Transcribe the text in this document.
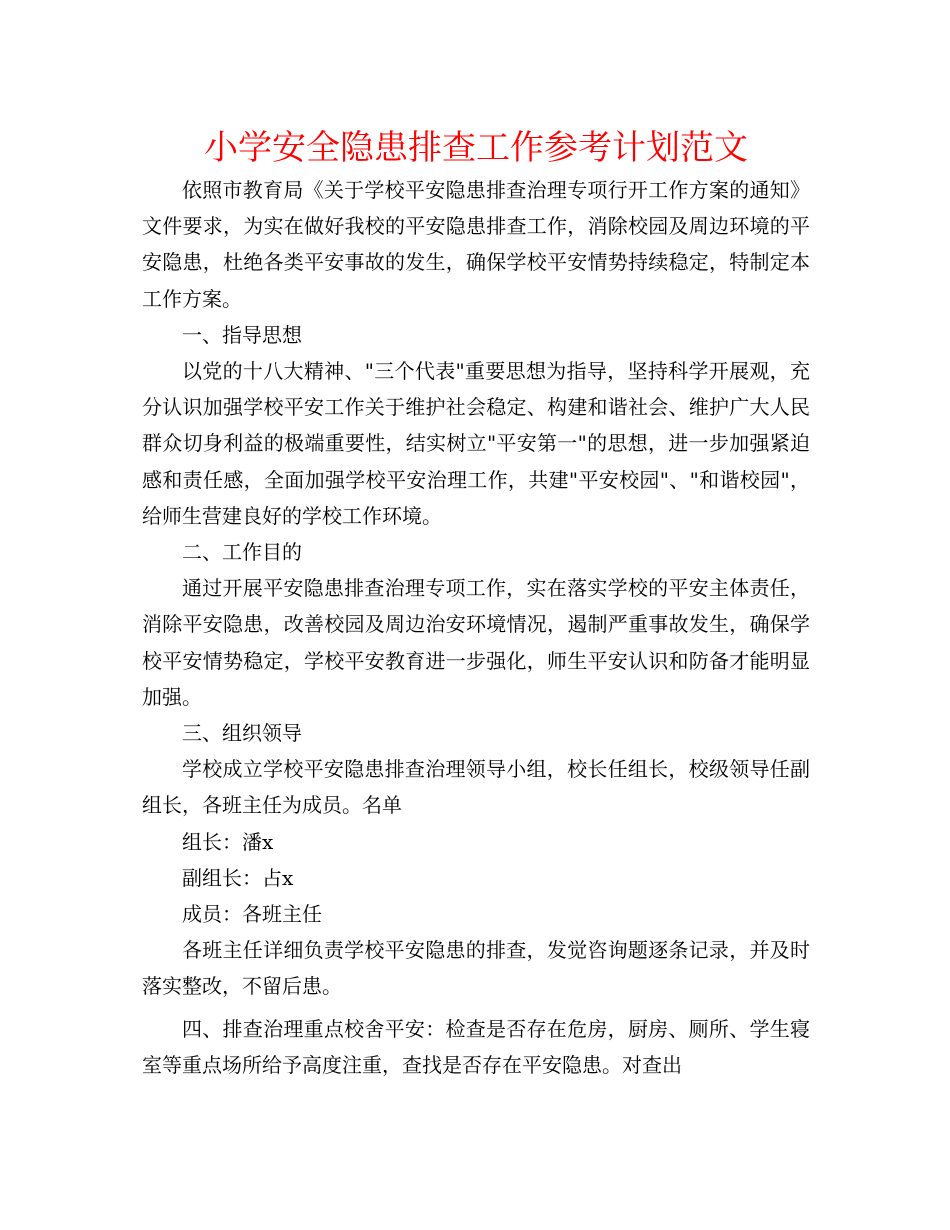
小学安全隐患排查工作参考计划范文

依照市教育局《关于学校平安隐患排查治理专项行开工作方案的通知》文件要求，为实在做好我校的平安隐患排查工作，消除校园及周边环境的平安隐患，杜绝各类平安事故的发生，确保学校平安情势持续稳定，特制定本工作方案。

一、指导思想

以党的十八大精神、"三个代表"重要思想为指导，坚持科学开展观，充分认识加强学校平安工作关于维护社会稳定、构建和谐社会、维护广大人民群众切身利益的极端重要性，结实树立"平安第一"的思想，进一步加强紧迫感和责任感，全面加强学校平安治理工作，共建"平安校园"、"和谐校园"，给师生营建良好的学校工作环境。

二、工作目的

通过开展平安隐患排查治理专项工作，实在落实学校的平安主体责任，消除平安隐患，改善校园及周边治安环境情况，遏制严重事故发生，确保学校平安情势稳定，学校平安教育进一步强化，师生平安认识和防备才能明显加强。

三、组织领导

学校成立学校平安隐患排查治理领导小组，校长任组长，校级领导任副组长，各班主任为成员。名单

组长：潘x

副组长：占x

成员：各班主任

各班主任详细负责学校平安隐患的排查，发觉咨询题逐条记录，并及时落实整改，不留后患。

四、排查治理重点校舍平安：检查是否存在危房，厨房、厕所、学生寝室等重点场所给予高度注重，查找是否存在平安隐患。对查出
